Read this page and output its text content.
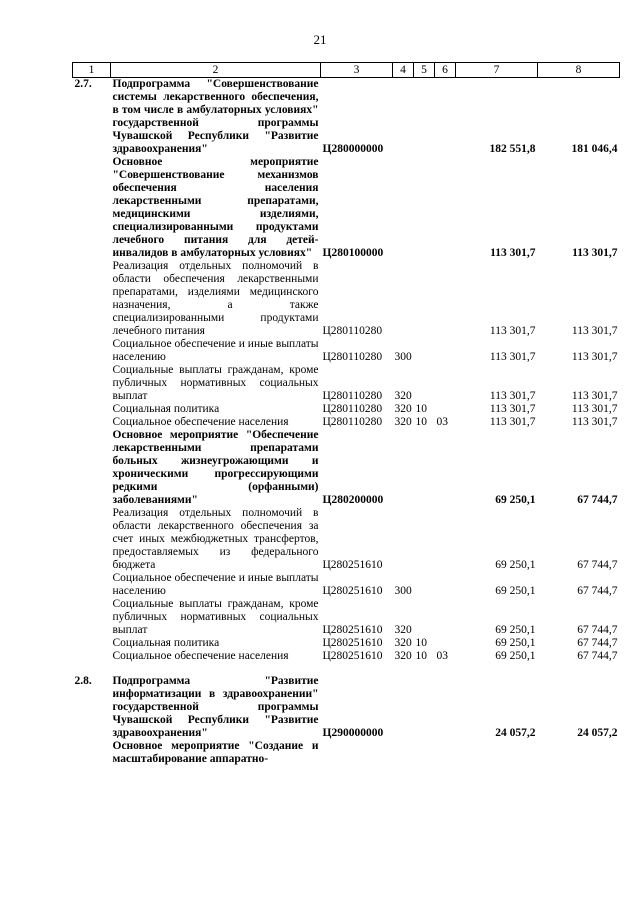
21
1	2	3	4	5	6	7	8
2.7.	Подпрограмма "Совершенствование системы лекарственного обеспечения, в том числе в амбулаторных условиях" государственной программы Чувашской Республики "Развитие здравоохранения"	Ц280000000				182 551,8	181 046,4
	Основное мероприятие "Совершенствование механизмов обеспечения населения лекарственными препаратами, медицинскими изделиями, специализированными продуктами лечебного питания для детей-инвалидов в амбулаторных условиях"	Ц280100000				113 301,7	113 301,7
	Реализация отдельных полномочий в области обеспечения лекарственными препаратами, изделиями медицинского назначения, а также специализированными продуктами лечебного питания	Ц280110280				113 301,7	113 301,7
	Социальное обеспечение и иные выплаты населению	Ц280110280	300			113 301,7	113 301,7
	Социальные выплаты гражданам, кроме публичных нормативных социальных выплат	Ц280110280	320			113 301,7	113 301,7
	Социальная политика	Ц280110280	320	10		113 301,7	113 301,7
	Социальное обеспечение населения	Ц280110280	320	10	03	113 301,7	113 301,7
	Основное мероприятие "Обеспечение лекарственными препаратами больных жизнеугрожающими и хроническими прогрессирующими редкими (орфанными) заболеваниями"	Ц280200000				69 250,1	67 744,7
	Реализация отдельных полномочий в области лекарственного обеспечения за счет иных межбюджетных трансфертов, предоставляемых из федерального бюджета	Ц280251610				69 250,1	67 744,7
	Социальное обеспечение и иные выплаты населению	Ц280251610	300			69 250,1	67 744,7
	Социальные выплаты гражданам, кроме публичных нормативных социальных выплат	Ц280251610	320			69 250,1	67 744,7
	Социальная политика	Ц280251610	320	10		69 250,1	67 744,7
	Социальное обеспечение населения	Ц280251610	320	10	03	69 250,1	67 744,7

2.8.	Подпрограмма "Развитие информатизации в здравоохранении" государственной программы Чувашской Республики "Развитие здравоохранения"	Ц290000000				24 057,2	24 057,2
	Основное мероприятие "Создание и масштабирование аппаратно-						
